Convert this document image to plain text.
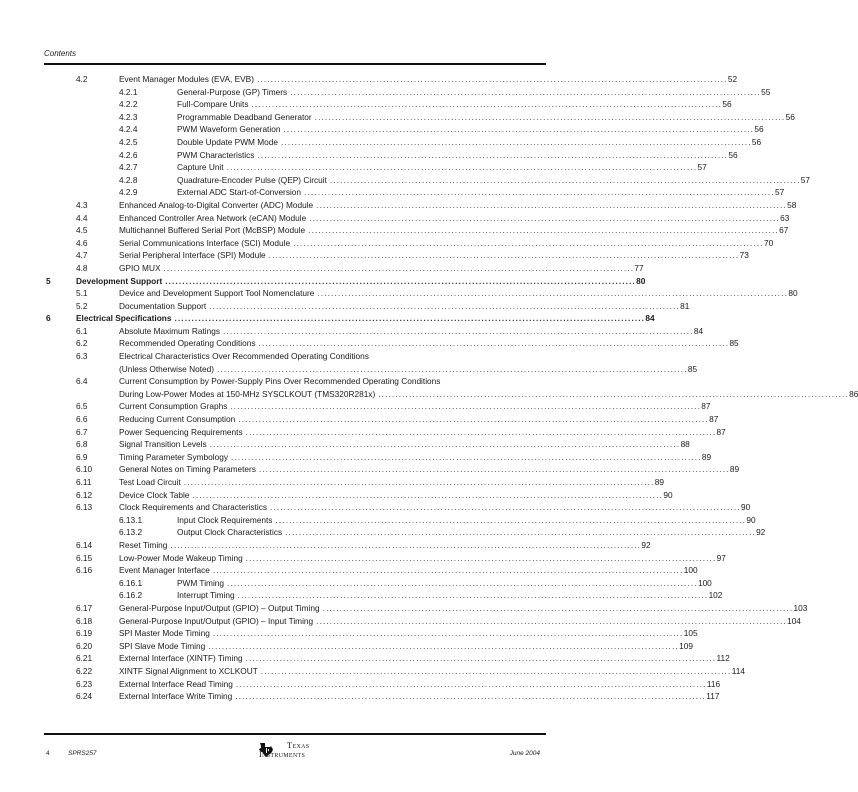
Contents
4.2	Event Manager Modules (EVA, EVB) . . .	52
4.2.1	General-Purpose (GP) Timers . . .	55
4.2.2	Full-Compare Units . . .	56
4.2.3	Programmable Deadband Generator . . .	56
4.2.4	PWM Waveform Generation . . .	56
4.2.5	Double Update PWM Mode . . .	56
4.2.6	PWM Characteristics . . .	56
4.2.7	Capture Unit . . .	57
4.2.8	Quadrature-Encoder Pulse (QEP) Circuit . . .	57
4.2.9	External ADC Start-of-Conversion . . .	57
4.3	Enhanced Analog-to-Digital Converter (ADC) Module . . .	58
4.4	Enhanced Controller Area Network (eCAN) Module . . .	63
4.5	Multichannel Buffered Serial Port (McBSP) Module . . .	67
4.6	Serial Communications Interface (SCI) Module . . .	70
4.7	Serial Peripheral Interface (SPI) Module . . .	73
4.8	GPIO MUX . . .	77
5	Development Support . . .	80
5.1	Device and Development Support Tool Nomenclature . . .	80
5.2	Documentation Support . . .	81
6	Electrical Specifications . . .	84
6.1	Absolute Maximum Ratings . . .	84
6.2	Recommended Operating Conditions . . .	85
6.3	Electrical Characteristics Over Recommended Operating Conditions
(Unless Otherwise Noted) . . .	85
6.4	Current Consumption by Power-Supply Pins Over Recommended Operating Conditions
During Low-Power Modes at 150-MHz SYSCLKOUT (TMS320R281x) . . .	86
6.5	Current Consumption Graphs . . .	87
6.6	Reducing Current Consumption . . .	87
6.7	Power Sequencing Requirements . . .	87
6.8	Signal Transition Levels . . .	88
6.9	Timing Parameter Symbology . . .	89
6.10	General Notes on Timing Parameters . . .	89
6.11	Test Load Circuit . . .	89
6.12	Device Clock Table . . .	90
6.13	Clock Requirements and Characteristics . . .	90
6.13.1	Input Clock Requirements . . .	90
6.13.2	Output Clock Characteristics . . .	92
6.14	Reset Timing . . .	92
6.15	Low-Power Mode Wakeup Timing . . .	97
6.16	Event Manager Interface . . .	100
6.16.1	PWM Timing . . .	100
6.16.2	Interrupt Timing . . .	102
6.17	General-Purpose Input/Output (GPIO) – Output Timing . . .	103
6.18	General-Purpose Input/Output (GPIO) – Input Timing . . .	104
6.19	SPI Master Mode Timing . . .	105
6.20	SPI Slave Mode Timing . . .	109
6.21	External Interface (XINTF) Timing . . .	112
6.22	XINTF Signal Alignment to XCLKOUT . . .	114
6.23	External Interface Read Timing . . .	116
6.24	External Interface Write Timing . . .	117
4	SPRS257
Texas
Instruments	June 2004
